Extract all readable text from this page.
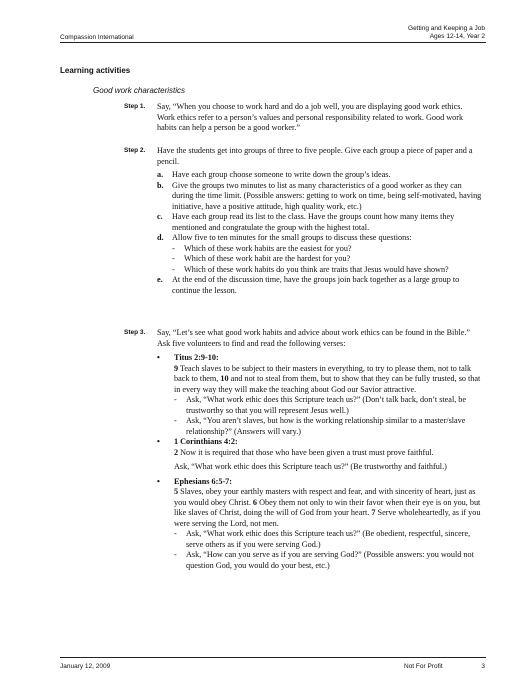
Compassion International
Getting and Keeping a Job
Ages 12-14, Year 2
Learning activities
Good work characteristics
Step 1. Say, “When you choose to work hard and do a job well, you are displaying good work ethics. Work ethics refer to a person’s values and personal responsibility related to work. Good work habits can help a person be a good worker.”
Step 2. Have the students get into groups of three to five people. Give each group a piece of paper and a pencil.
a.	Have each group choose someone to write down the group’s ideas.
b.	Give the groups two minutes to list as many characteristics of a good worker as they can during the time limit. (Possible answers: getting to work on time, being self-motivated, having initiative, have a positive attitude, high quality work, etc.)
c.	Have each group read its list to the class. Have the groups count how many items they mentioned and congratulate the group with the highest total.
d.	Allow five to ten minutes for the small groups to discuss these questions:
-	Which of these work habits are the easiest for you?
-	Which of these work habit are the hardest for you?
-	Which of these work habits do you think are traits that Jesus would have shown?
e.	At the end of the discussion time, have the groups join back together as a large group to continue the lesson.
Step 3. Say, “Let’s see what good work habits and advice about work ethics can be found in the Bible.” Ask five volunteers to find and read the following verses:
•	Titus 2:9-10:
9 Teach slaves to be subject to their masters in everything, to try to please them, not to talk back to them, 10 and not to steal from them, but to show that they can be fully trusted, so that in every way they will make the teaching about God our Savior attractive.
-	Ask, “What work ethic does this Scripture teach us?” (Don’t talk back, don’t steal, be trustworthy so that you will represent Jesus well.)
-	Ask, “You aren’t slaves, but how is the working relationship similar to a master/slave relationship?” (Answers will vary.)
•	1 Corinthians 4:2:
2 Now it is required that those who have been given a trust must prove faithful.
Ask, “What work ethic does this Scripture teach us?” (Be trustworthy and faithful.)
•	Ephesians 6:5-7:
5 Slaves, obey your earthly masters with respect and fear, and with sincerity of heart, just as you would obey Christ. 6 Obey them not only to win their favor when their eye is on you, but like slaves of Christ, doing the will of God from your heart. 7 Serve wholeheartedly, as if you were serving the Lord, not men.
-	Ask, “What work ethic does this Scripture teach us?” (Be obedient, respectful, sincere, serve others as if you were serving God.)
-	Ask, “How can you serve as if you are serving God?” (Possible answers: you would not question God, you would do your best, etc.)
January 12, 2009	Not For Profit	3
